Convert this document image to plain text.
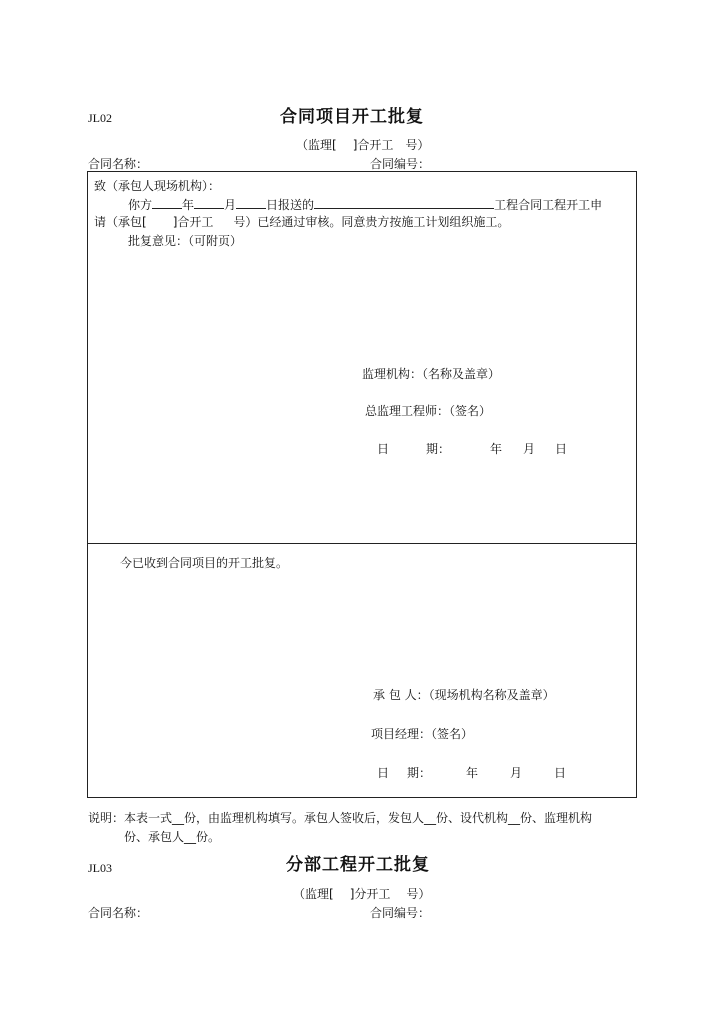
JL02	合同项目开工批复
（监理[ ]合开工 号）
合同名称：	合同编号：
致（承包人现场机构）：
你方	年	月	日报送的	工程合同工程开工申
请（承包[ ]合开工 号）已经通过审核。同意贵方按施工计划组织施工。
批复意见：（可附页）
监理机构：（名称及盖章）
总监理工程师：（签名）
日	期：	年 月 日
今已收到合同项目的开工批复。
承 包 人：（现场机构名称及盖章）
项目经理：（签名）
日 期：	年	月	日
说明：本表一式__份，由监理机构填写。承包人签收后，发包人__份、设代机构__份、监理机构
份、承包人__份。
JL03	分部工程开工批复
（监理[ ]分开工 号）
合同名称：	合同编号：
